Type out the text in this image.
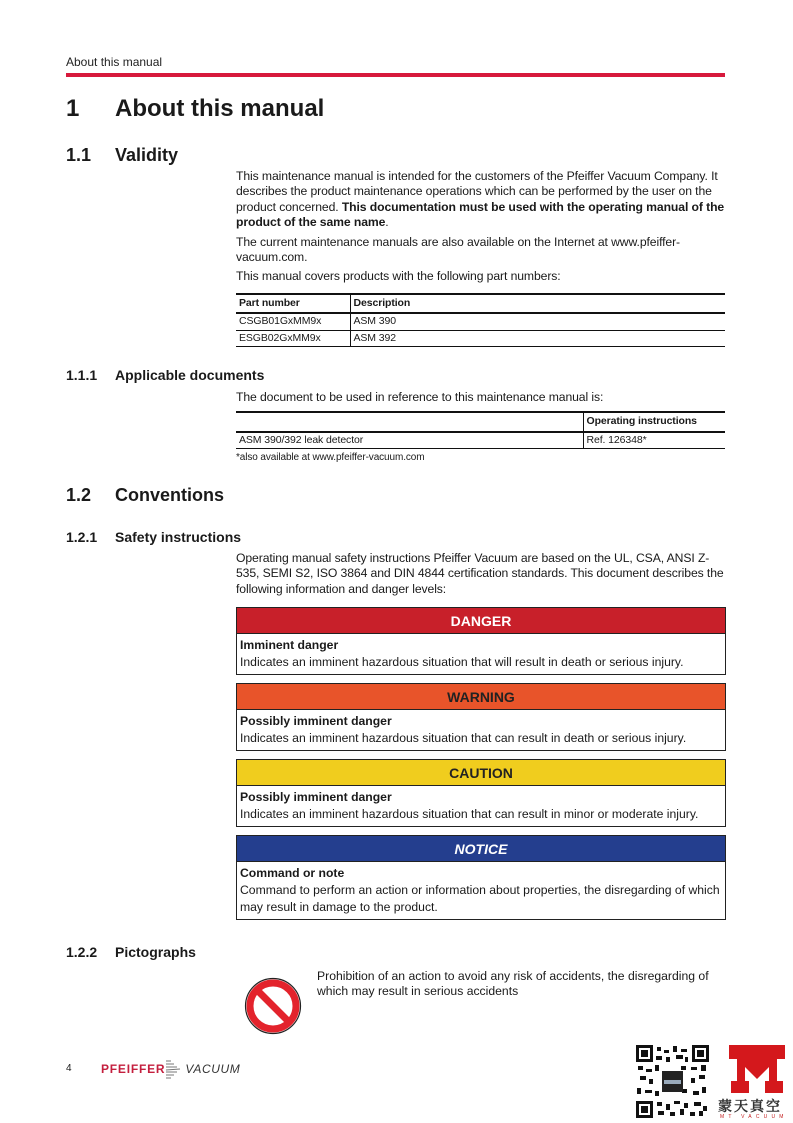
About this manual
1 About this manual
1.1 Validity

This maintenance manual is intended for the customers of the Pfeiffer Vacuum Company. It describes the product maintenance operations which can be performed by the user on the product concerned. This documentation must be used with the operating manual of the product of the same name.

The current maintenance manuals are also available on the Internet at www.pfeiffer-vacuum.com.

This manual covers products with the following part numbers:

Part number	Description
CSGB01GxMM9x	ASM 390
ESGB02GxMM9x	ASM 392
1.1.1 Applicable documents

The document to be used in reference to this maintenance manual is:

	Operating instructions
ASM 390/392 leak detector	Ref. 126348*
*also available at www.pfeiffer-vacuum.com
1.2 Conventions
1.2.1 Safety instructions
Operating manual safety instructions Pfeiffer Vacuum are based on the UL, CSA, ANSI Z-535, SEMI S2, ISO 3864 and DIN 4844 certification standards. This document describes the following information and danger levels:
DANGER
Imminent danger
Indicates an imminent hazardous situation that will result in death or serious injury.
WARNING
Possibly imminent danger
Indicates an imminent hazardous situation that can result in death or serious injury.
CAUTION
Possibly imminent danger
Indicates an imminent hazardous situation that can result in minor or moderate injury.
NOTICE
Command or note
Command to perform an action or information about properties, the disregarding of which may result in damage to the product.
1.2.2 Pictographs
Prohibition of an action to avoid any risk of accidents, the disregarding of which may result in serious accidents
4 PFEIFFER VACUUM
蒙天真空
MT VACUUM
